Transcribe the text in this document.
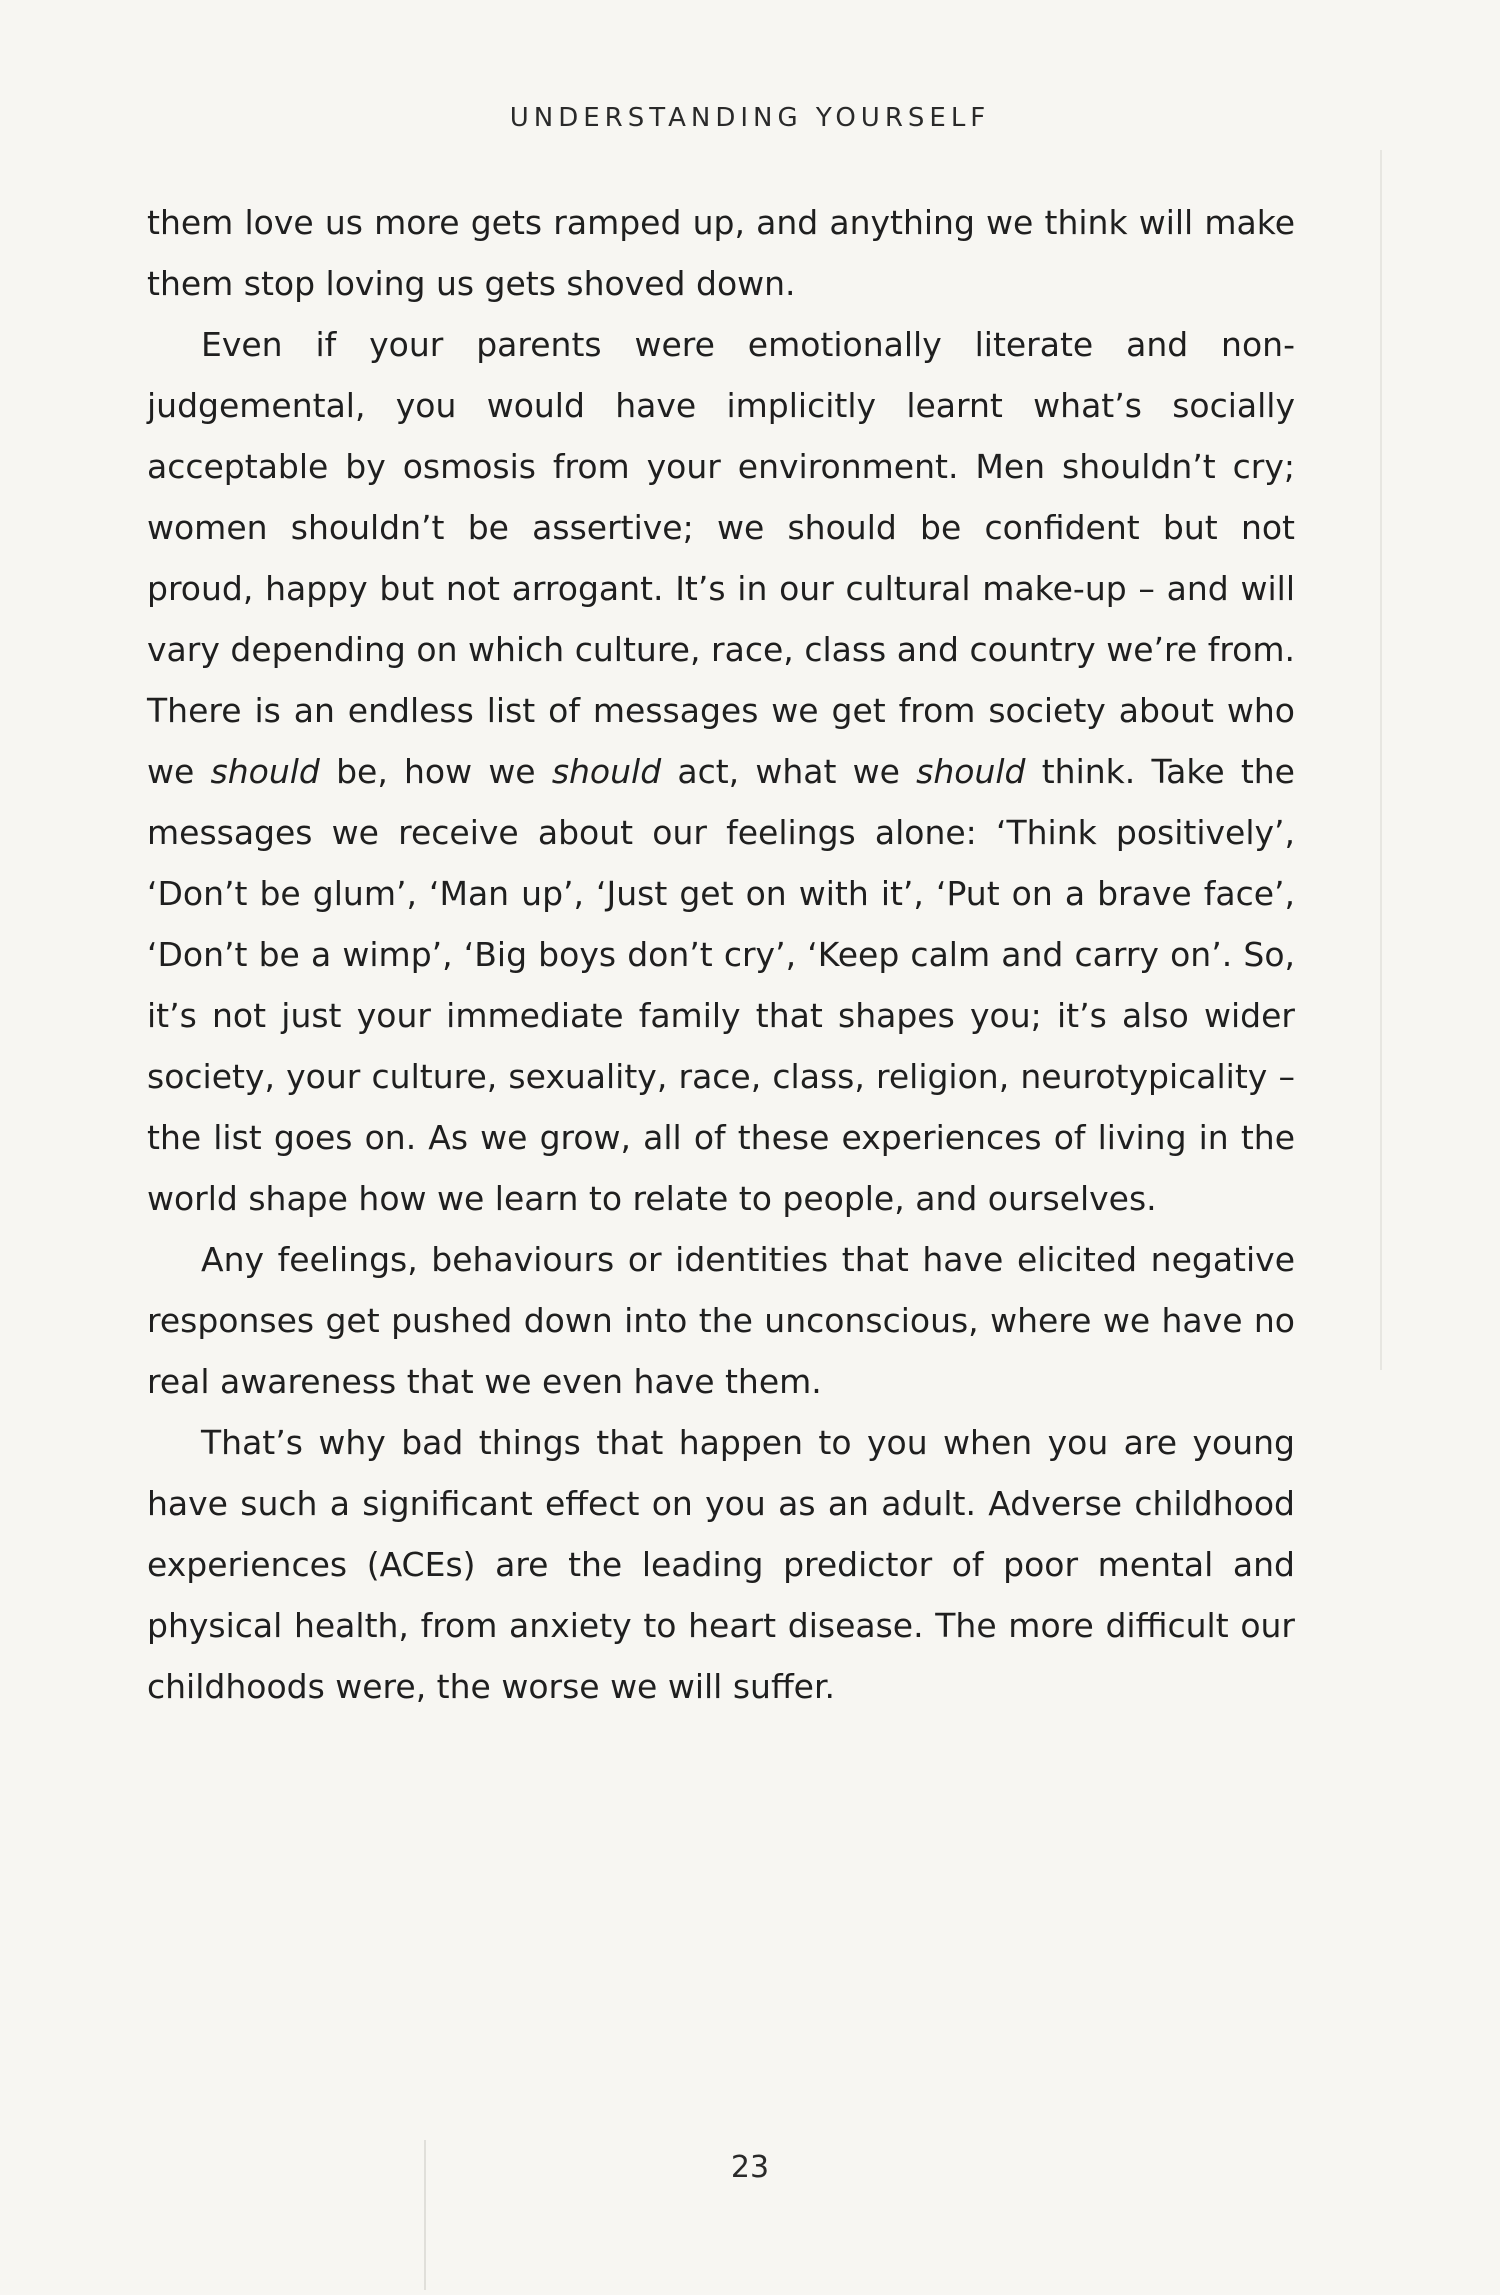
UNDERSTANDING YOURSELF

them love us more gets ramped up, and anything we think will make them stop loving us gets shoved down.

Even if your parents were emotionally literate and non-judgemental, you would have implicitly learnt what’s socially acceptable by osmosis from your environment. Men shouldn’t cry; women shouldn’t be assertive; we should be confident but not proud, happy but not arrogant. It’s in our cultural make-up – and will vary depending on which culture, race, class and country we’re from. There is an endless list of messages we get from society about who we should be, how we should act, what we should think. Take the messages we receive about our feelings alone: ‘Think positively’, ‘Don’t be glum’, ‘Man up’, ‘Just get on with it’, ‘Put on a brave face’, ‘Don’t be a wimp’, ‘Big boys don’t cry’, ‘Keep calm and carry on’. So, it’s not just your immediate family that shapes you; it’s also wider society, your culture, sexuality, race, class, religion, neurotypicality – the list goes on. As we grow, all of these experiences of living in the world shape how we learn to relate to people, and ourselves.

Any feelings, behaviours or identities that have elicited negative responses get pushed down into the unconscious, where we have no real awareness that we even have them.

That’s why bad things that happen to you when you are young have such a significant effect on you as an adult. Adverse childhood experiences (ACEs) are the leading predictor of poor mental and physical health, from anxiety to heart disease. The more difficult our childhoods were, the worse we will suffer.

23
